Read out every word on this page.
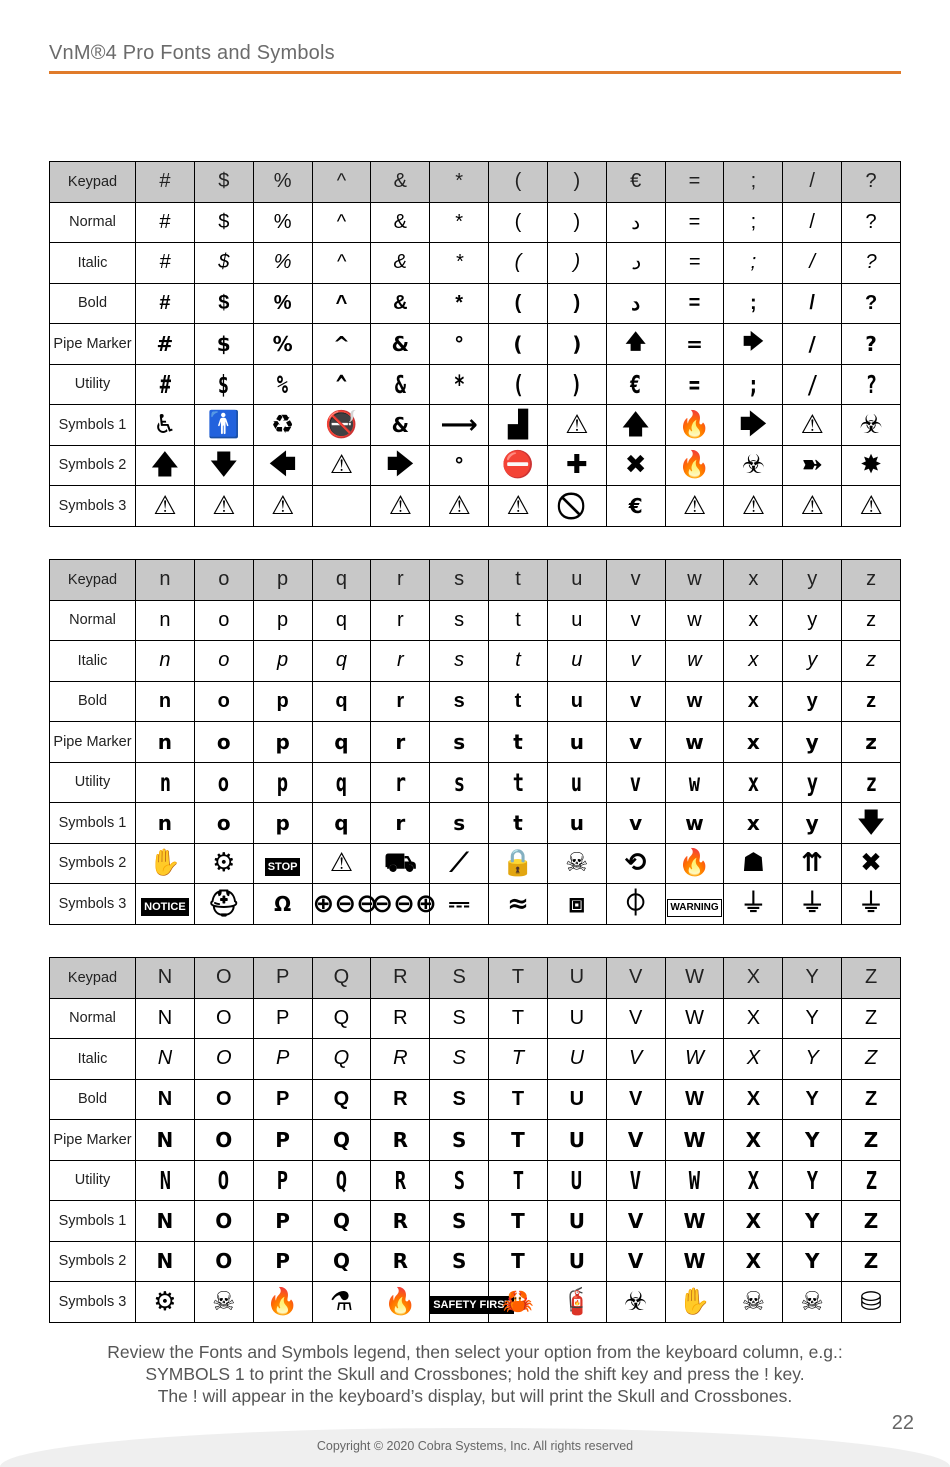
VnM®4 Pro Fonts and Symbols
Keypad	#	$	%	^	&	*	(	)	€	=	;	/	?
Normal	#	$	%	^	&	*	(	)	د	=	;	/	?
Italic	#	$	%	^	&	*	(	)	د	=	;	/	?
Bold	#	$	%	^	&	*	(	)	د	=	;	/	?
Pipe Marker	#	$	%	^	&	°	(	)	🡅	=	🡆	/	?
Utility	#	$	%	^	&	*	(	)	€	=	;	/	?
Symbols 1	♿	🚹	♻	🚭	&	⟶	▟	⚠	🡅	🔥	🡆	⚠	☣
Symbols 2	🡅	🡇	🡄	⚠	🡆	°	⛔	✚	✖	🔥	☣	➽	✸
Symbols 3	⚠	⚠	⚠		⚠	⚠	⚠		€	⚠	⚠	⚠	⚠
Keypad	n	o	p	q	r	s	t	u	v	w	x	y	z
Normal	n	o	p	q	r	s	t	u	v	w	x	y	z
Italic	n	o	p	q	r	s	t	u	v	w	x	y	z
Bold	n	o	p	q	r	s	t	u	v	w	x	y	z
Pipe Marker	n	o	p	q	r	s	t	u	v	w	x	y	z
Utility	n	o	p	q	r	s	t	u	v	w	x	y	z
Symbols 1	n	o	p	q	r	s	t	u	v	w	x	y	🡇
Symbols 2	✋	⚙	STOP	⚠	⛟	⟋	🔒	☠	⟲	🔥	☗	⇈	✖
Symbols 3	NOTICE	⛑	Ω	⊕⊖⊖	⊖⊖⊕	⎓	≈	⧈	⏀	WARNING	⏚	⏚	⏚
Keypad	N	O	P	Q	R	S	T	U	V	W	X	Y	Z
Normal	N	O	P	Q	R	S	T	U	V	W	X	Y	Z
Italic	N	O	P	Q	R	S	T	U	V	W	X	Y	Z
Bold	N	O	P	Q	R	S	T	U	V	W	X	Y	Z
Pipe Marker	N	O	P	Q	R	S	T	U	V	W	X	Y	Z
Utility	N	O	P	Q	R	S	T	U	V	W	X	Y	Z
Symbols 1	N	O	P	Q	R	S	T	U	V	W	X	Y	Z
Symbols 2	N	O	P	Q	R	S	T	U	V	W	X	Y	Z
Symbols 3	⚙	☠	🔥	⚗	🔥	SAFETY FIRST	🦀	🧯	☣	✋	☠	☠	⛁
Review the Fonts and Symbols legend, then select your option from the keyboard column, e.g.:
SYMBOLS 1 to print the Skull and Crossbones; hold the shift key and press the ! key.
The ! will appear in the keyboard’s display, but will print the Skull and Crossbones.
22
Copyright © 2020 Cobra Systems, Inc. All rights reserved
